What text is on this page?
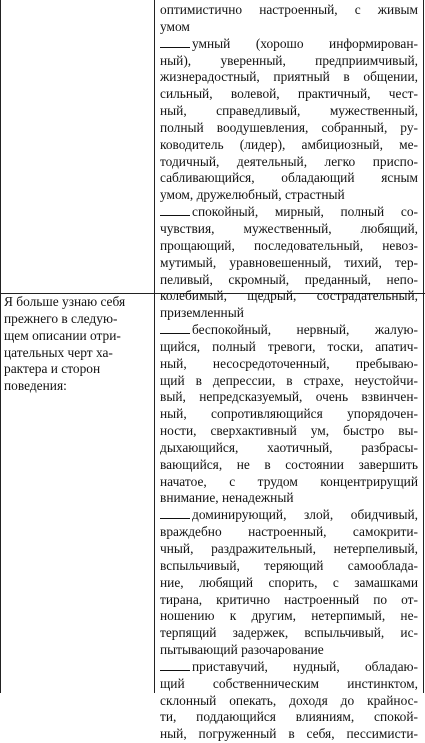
Я больше узнаю себя
прежнего в следую-
щем описании отри-
цательных черт ха-
рактера и сторон
поведения:
оптимистично настроенный, с живым
умом
умный (хорошо информирован-
ный), уверенный, предприимчивый,
жизнерадостный, приятный в общении,
сильный, волевой, практичный, чест-
ный, справедливый, мужественный,
полный воодушевления, собранный, ру-
ководитель (лидер), амбициозный, ме-
тодичный, деятельный, легко приспо-
сабливающийся, обладающий ясным
умом, дружелюбный, страстный
спокойный, мирный, полный со-
чувствия, мужественный, любящий,
прощающий, последовательный, невоз-
мутимый, уравновешенный, тихий, тер-
пеливый, скромный, преданный, непо-
колебимый, щедрый, сострадательный,
приземленный
беспокойный, нервный, жалую-
щийся, полный тревоги, тоски, апатич-
ный, несосредоточенный, пребываю-
щий в депрессии, в страхе, неустойчи-
вый, непредсказуемый, очень взвинчен-
ный, сопротивляющийся упорядочен-
ности, сверхактивный ум, быстро вы-
дыхающийся, хаотичный, разбрасы-
вающийся, не в состоянии завершить
начатое, с трудом концентрирущий
внимание, ненадежный
доминирующий, злой, обидчивый,
враждебно настроенный, самокрити-
чный, раздражительный, нетерпеливый,
вспыльчивый, теряющий самооблада-
ние, любящий спорить, с замашками
тирана, критично настроенный по от-
ношению к другим, нетерпимый, не-
терпящий задержек, вспыльчивый, ис-
пытывающий разочарование
приставучий, нудный, обладаю-
щий собственническим инстинктом,
склонный опекать, доходя до крайнос-
ти, поддающийся влияниям, спокой-
ный, погруженный в себя, пессимисти-
